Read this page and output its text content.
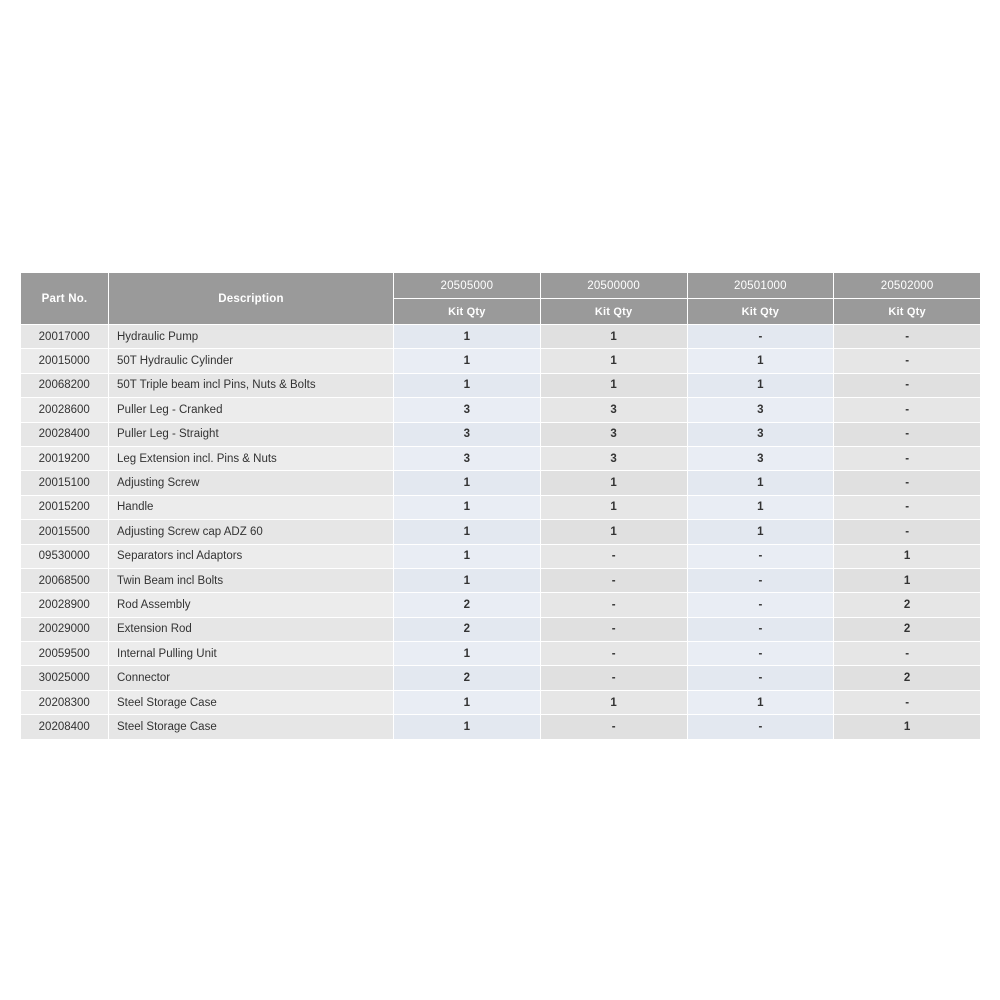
Part No.	Description	20505000	20500000	20501000	20502000
		Kit Qty	Kit Qty	Kit Qty	Kit Qty
20017000	Hydraulic Pump	1	1	-	-
20015000	50T Hydraulic Cylinder	1	1	1	-
20068200	50T Triple beam incl Pins, Nuts & Bolts	1	1	1	-
20028600	Puller Leg - Cranked	3	3	3	-
20028400	Puller Leg - Straight	3	3	3	-
20019200	Leg Extension incl. Pins & Nuts	3	3	3	-
20015100	Adjusting Screw	1	1	1	-
20015200	Handle	1	1	1	-
20015500	Adjusting Screw cap ADZ 60	1	1	1	-
09530000	Separators incl Adaptors	1	-	-	1
20068500	Twin Beam incl Bolts	1	-	-	1
20028900	Rod Assembly	2	-	-	2
20029000	Extension Rod	2	-	-	2
20059500	Internal Pulling Unit	1	-	-	-
30025000	Connector	2	-	-	2
20208300	Steel Storage Case	1	1	1	-
20208400	Steel Storage Case	1	-	-	1
